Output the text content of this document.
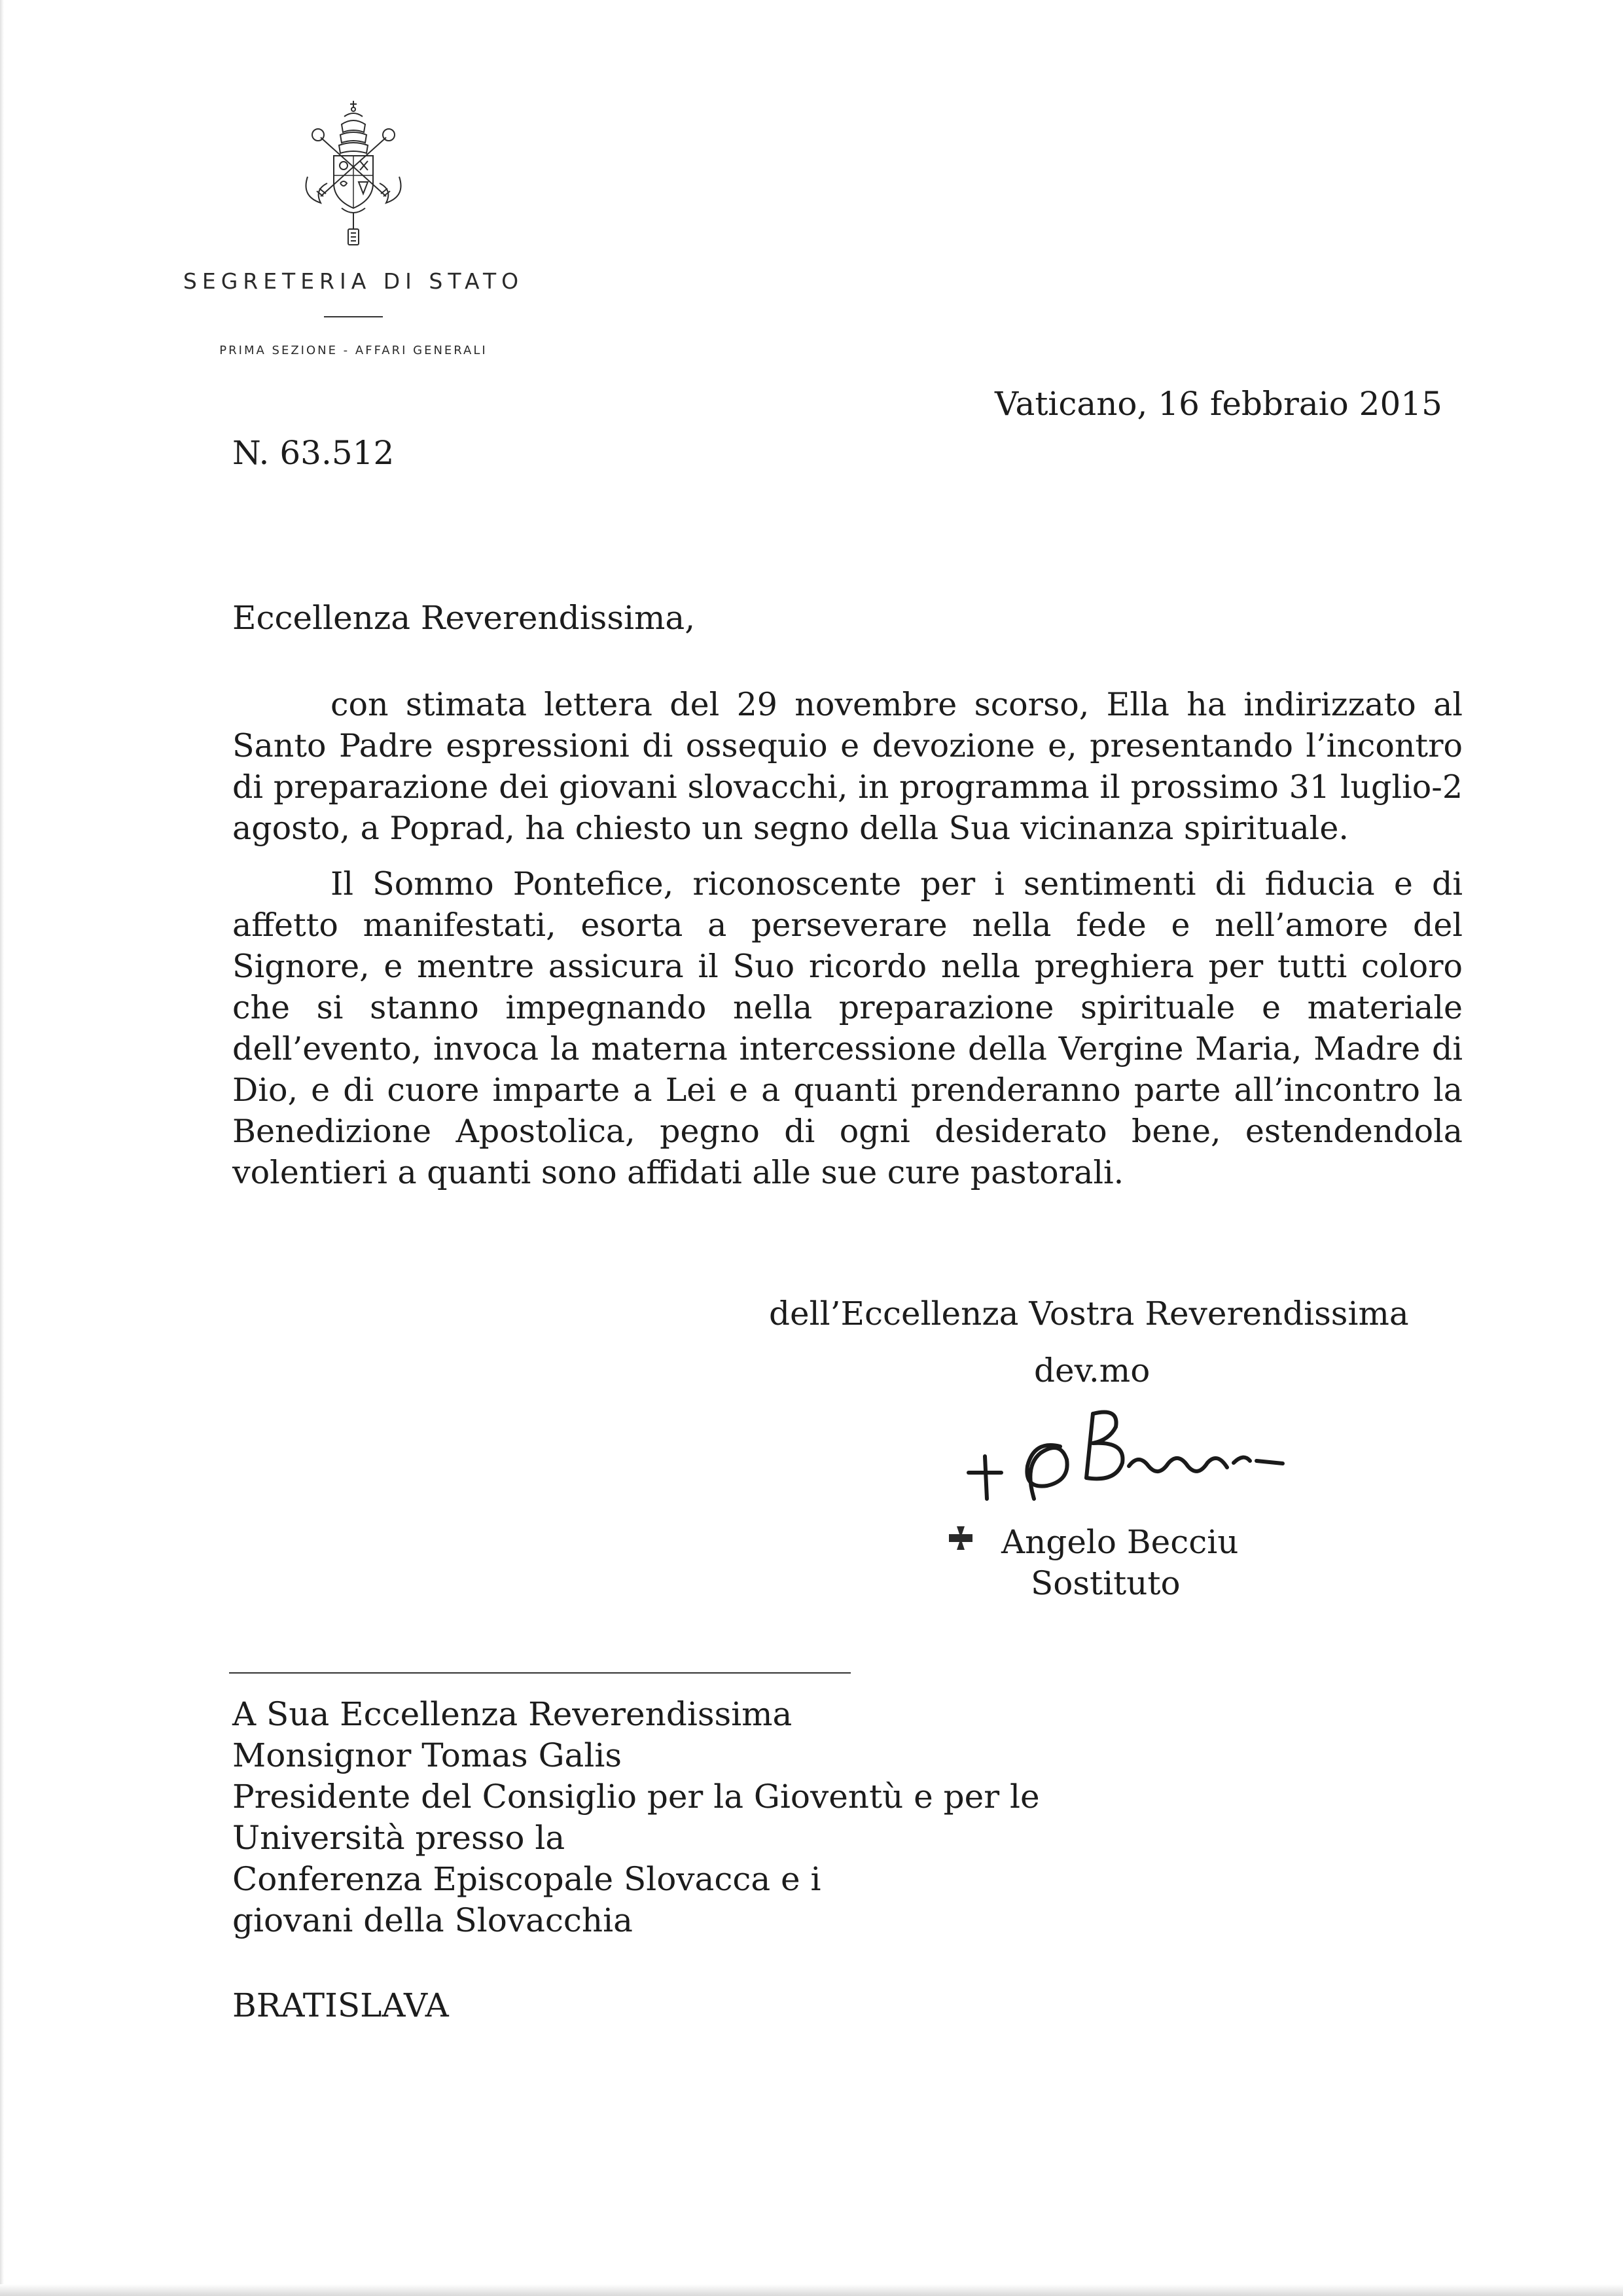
SEGRETERIA DI STATO
PRIMA SEZIONE - AFFARI GENERALI
Vaticano, 16 febbraio 2015
N. 63.512
Eccellenza Reverendissima,

con stimata lettera del 29 novembre scorso, Ella ha indirizzato al Santo Padre espressioni di ossequio e devozione e, presentando l’incontro di preparazione dei giovani slovacchi, in programma il prossimo 31 luglio-2 agosto, a Poprad, ha chiesto un segno della Sua vicinanza spirituale.

Il Sommo Pontefice, riconoscente per i sentimenti di fiducia e di affetto manifestati, esorta a perseverare nella fede e nell’amore del Signore, e mentre assicura il Suo ricordo nella preghiera per tutti coloro che si stanno impegnando nella preparazione spirituale e materiale dell’evento, invoca la materna intercessione della Vergine Maria, Madre di Dio, e di cuore imparte a Lei e a quanti prenderanno parte all’incontro la Benedizione Apostolica, pegno di ogni desiderato bene, estendendola volentieri a quanti sono affidati alle sue cure pastorali.

dell’Eccellenza Vostra Reverendissima
dev.mo
Angelo Becciu
Sostituto
A Sua Eccellenza Reverendissima
Monsignor Tomas Galis
Presidente del Consiglio per la Gioventù e per le
Università presso la
Conferenza Episcopale Slovacca e i
giovani della Slovacchia
BRATISLAVA
